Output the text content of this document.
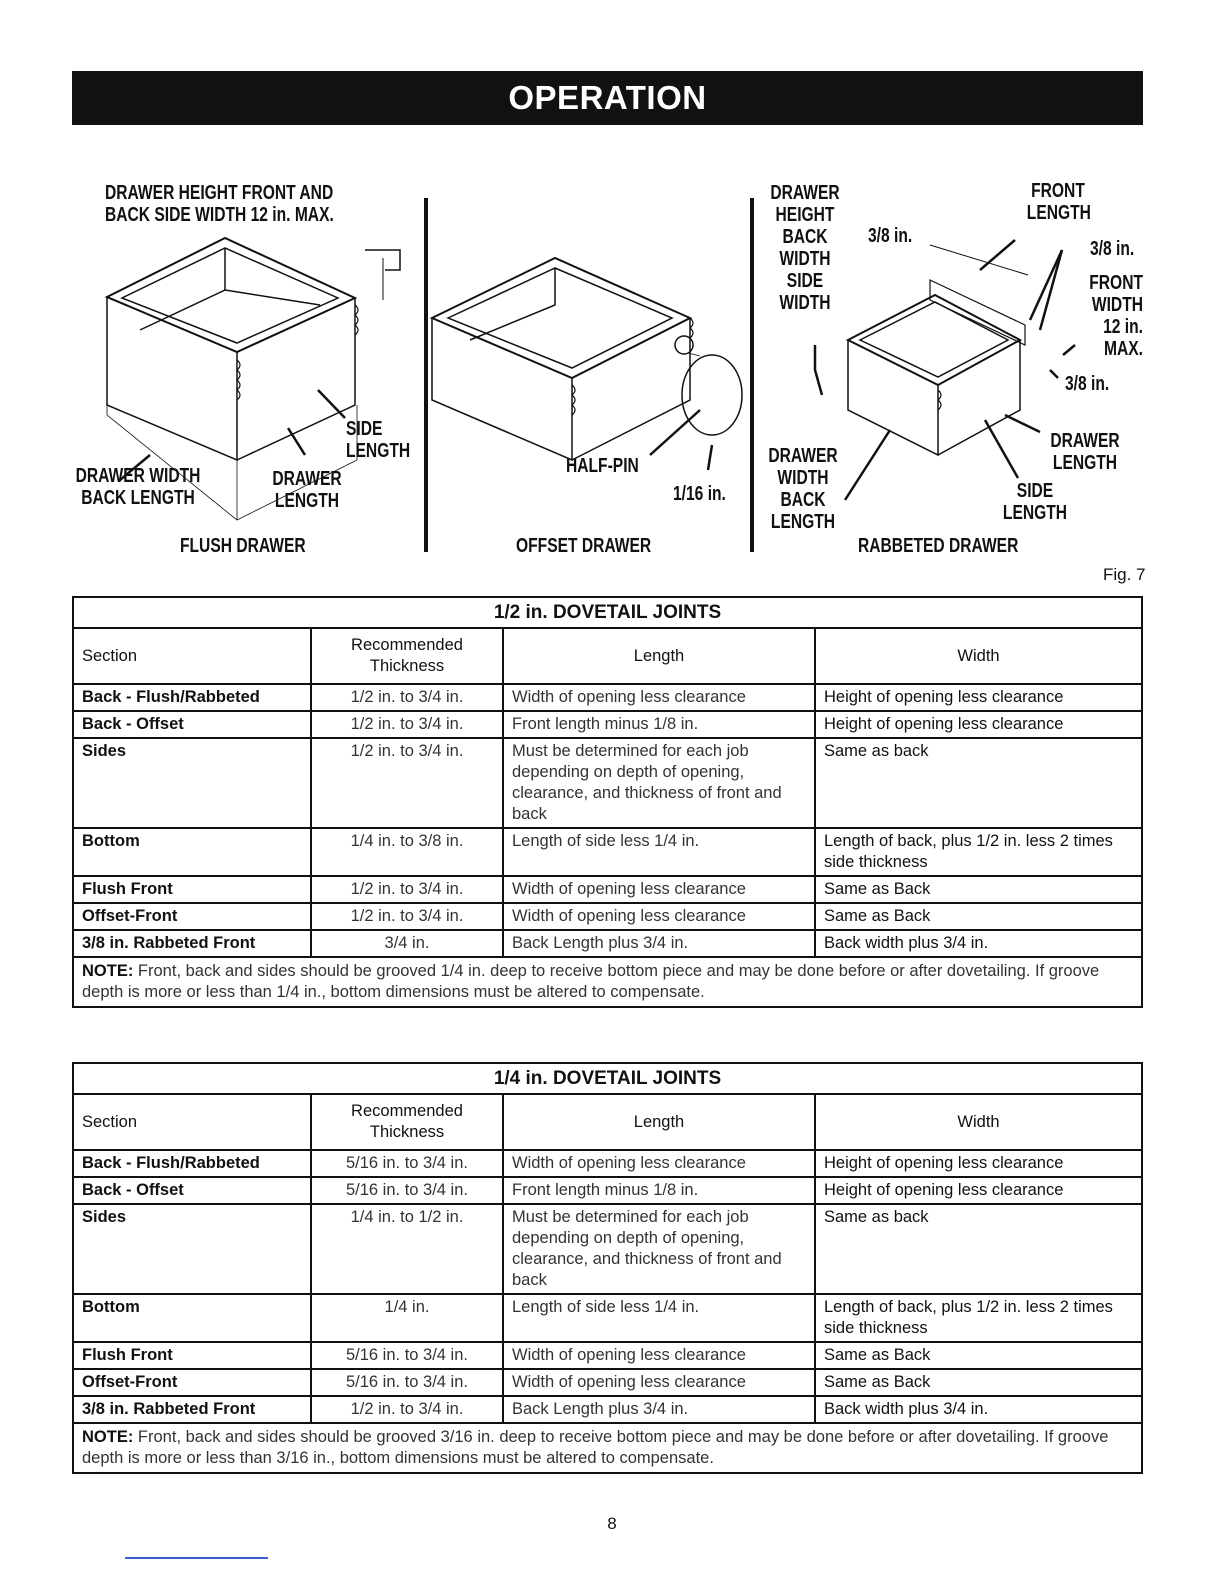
OPERATION
DRAWER HEIGHT FRONT AND
BACK SIDE WIDTH 12 in. MAX.
SIDE
LENGTH
DRAWER WIDTH
BACK LENGTH
DRAWER
LENGTH
FLUSH DRAWER
HALF-PIN
1/16 in.
OFFSET DRAWER
DRAWER
HEIGHT
BACK
WIDTH
SIDE
WIDTH
3/8 in.
FRONT
LENGTH
3/8 in.
FRONT
WIDTH
12 in.
MAX.
3/8 in.
DRAWER
LENGTH
DRAWER
WIDTH
BACK
LENGTH
SIDE
LENGTH
RABBETED DRAWER
Fig. 7
1/2 in. DOVETAIL JOINTS			
Section	Recommended Thickness	Length	Width
Back - Flush/Rabbeted	1/2 in. to 3/4 in.	Width of opening less clearance	Height of opening less clearance
Back - Offset	1/2 in. to 3/4 in.	Front length minus 1/8 in.	Height of opening less clearance
Sides	1/2 in. to 3/4 in.	Must be determined for each job depending on depth of opening, clearance, and thickness of front and back	Same as back
Bottom	1/4 in. to 3/8 in.	Length of side less 1/4 in.	Length of back, plus 1/2 in. less 2 times side thickness
Flush Front	1/2 in. to 3/4 in.	Width of opening less clearance	Same as Back
Offset-Front	1/2 in. to 3/4 in.	Width of opening less clearance	Same as Back
3/8 in. Rabbeted Front	3/4 in.	Back Length plus 3/4 in.	Back width plus 3/4 in.
NOTE: Front, back and sides should be grooved 1/4 in. deep to receive bottom piece and may be done before or after dovetailing. If groove depth is more or less than 1/4 in., bottom dimensions must be altered to compensate.			
1/4 in. DOVETAIL JOINTS			
Section	Recommended Thickness	Length	Width
Back - Flush/Rabbeted	5/16 in. to 3/4 in.	Width of opening less clearance	Height of opening less clearance
Back - Offset	5/16 in. to 3/4 in.	Front length minus 1/8 in.	Height of opening less clearance
Sides	1/4 in. to 1/2 in.	Must be determined for each job depending on depth of opening, clearance, and thickness of front and back	Same as back
Bottom	1/4 in.	Length of side less 1/4 in.	Length of back, plus 1/2 in. less 2 times side thickness
Flush Front	5/16 in. to 3/4 in.	Width of opening less clearance	Same as Back
Offset-Front	5/16 in. to 3/4 in.	Width of opening less clearance	Same as Back
3/8 in. Rabbeted Front	1/2 in. to 3/4 in.	Back Length plus 3/4 in.	Back width plus 3/4 in.
NOTE: Front, back and sides should be grooved 3/16 in. deep to receive bottom piece and may be done before or after dovetailing. If groove depth is more or less than 3/16 in., bottom dimensions must be altered to compensate.			
8
